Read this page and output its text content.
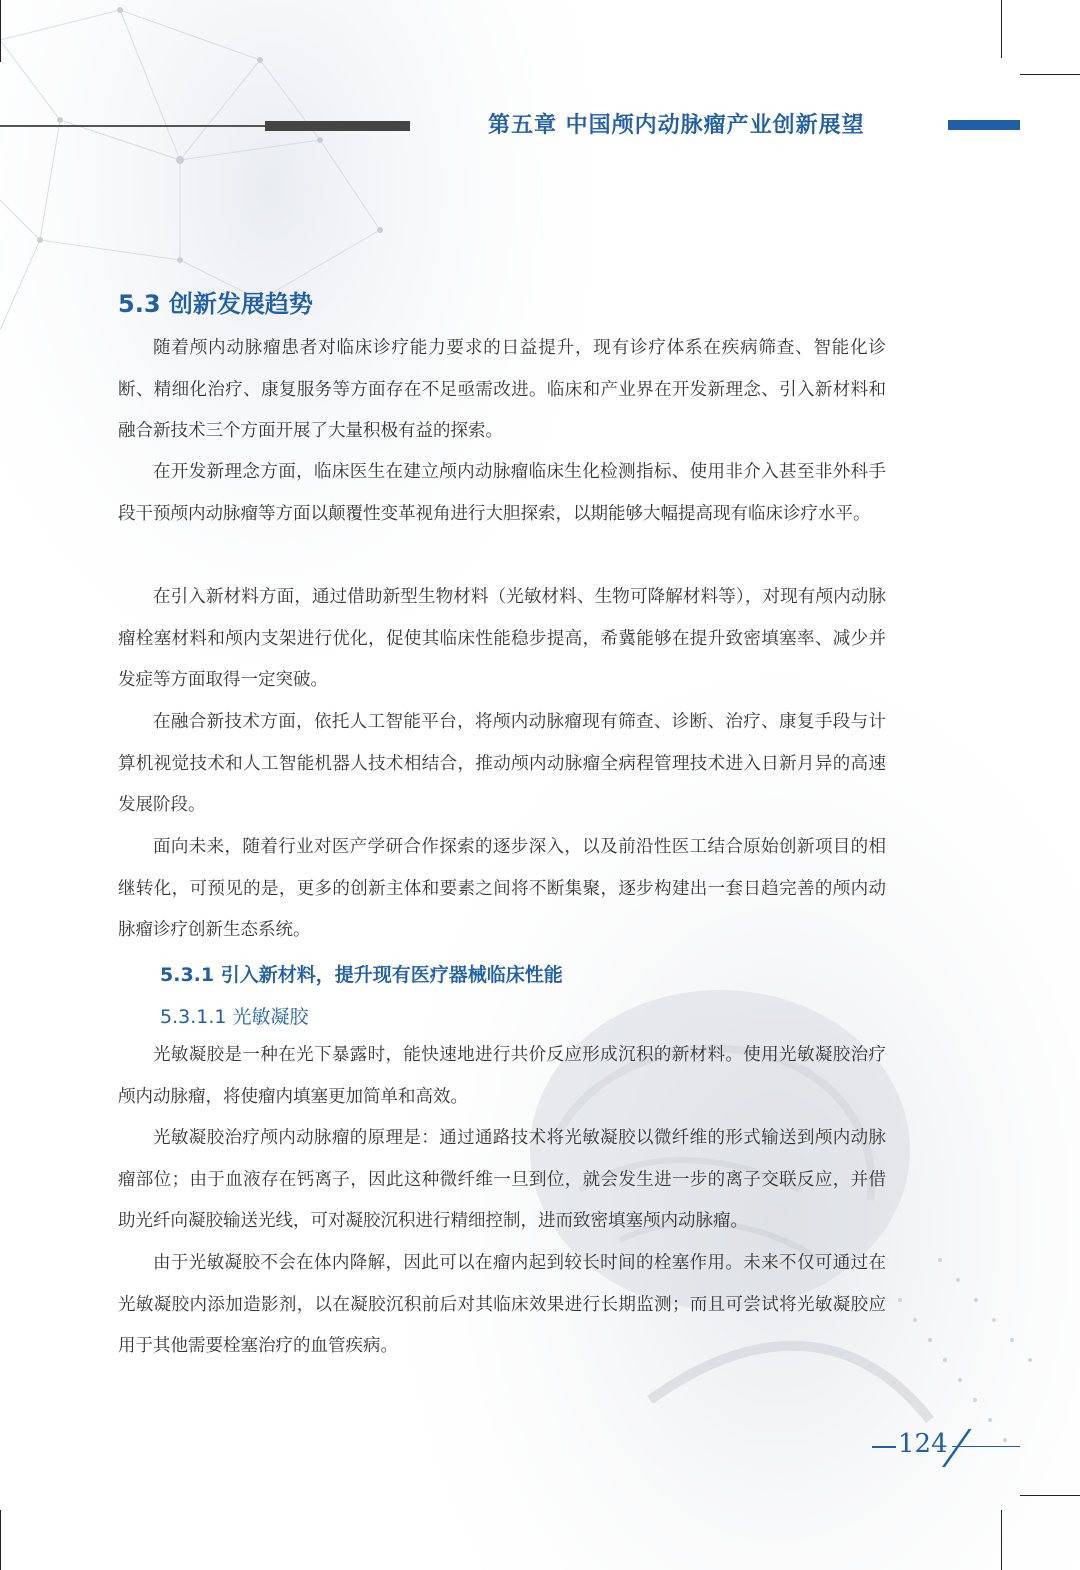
第五章 中国颅内动脉瘤产业创新展望
5.3 创新发展趋势

随着颅内动脉瘤患者对临床诊疗能力要求的日益提升，现有诊疗体系在疾病筛查、智能化诊断、精细化治疗、康复服务等方面存在不足亟需改进。临床和产业界在开发新理念、引入新材料和融合新技术三个方面开展了大量积极有益的探索。

在开发新理念方面，临床医生在建立颅内动脉瘤临床生化检测指标、使用非介入甚至非外科手段干预颅内动脉瘤等方面以颠覆性变革视角进行大胆探索，以期能够大幅提高现有临床诊疗水平。

在引入新材料方面，通过借助新型生物材料（光敏材料、生物可降解材料等），对现有颅内动脉瘤栓塞材料和颅内支架进行优化，促使其临床性能稳步提高，希冀能够在提升致密填塞率、减少并发症等方面取得一定突破。

在融合新技术方面，依托人工智能平台，将颅内动脉瘤现有筛查、诊断、治疗、康复手段与计算机视觉技术和人工智能机器人技术相结合，推动颅内动脉瘤全病程管理技术进入日新月异的高速发展阶段。

面向未来，随着行业对医产学研合作探索的逐步深入，以及前沿性医工结合原始创新项目的相继转化，可预见的是，更多的创新主体和要素之间将不断集聚，逐步构建出一套日趋完善的颅内动脉瘤诊疗创新生态系统。

5.3.1 引入新材料，提升现有医疗器械临床性能
5.3.1.1 光敏凝胶

光敏凝胶是一种在光下暴露时，能快速地进行共价反应形成沉积的新材料。使用光敏凝胶治疗颅内动脉瘤，将使瘤内填塞更加简单和高效。

光敏凝胶治疗颅内动脉瘤的原理是：通过通路技术将光敏凝胶以微纤维的形式输送到颅内动脉瘤部位；由于血液存在钙离子，因此这种微纤维一旦到位，就会发生进一步的离子交联反应，并借助光纤向凝胶输送光线，可对凝胶沉积进行精细控制，进而致密填塞颅内动脉瘤。

由于光敏凝胶不会在体内降解，因此可以在瘤内起到较长时间的栓塞作用。未来不仅可通过在光敏凝胶内添加造影剂，以在凝胶沉积前后对其临床效果进行长期监测；而且可尝试将光敏凝胶应用于其他需要栓塞治疗的血管疾病。

124
